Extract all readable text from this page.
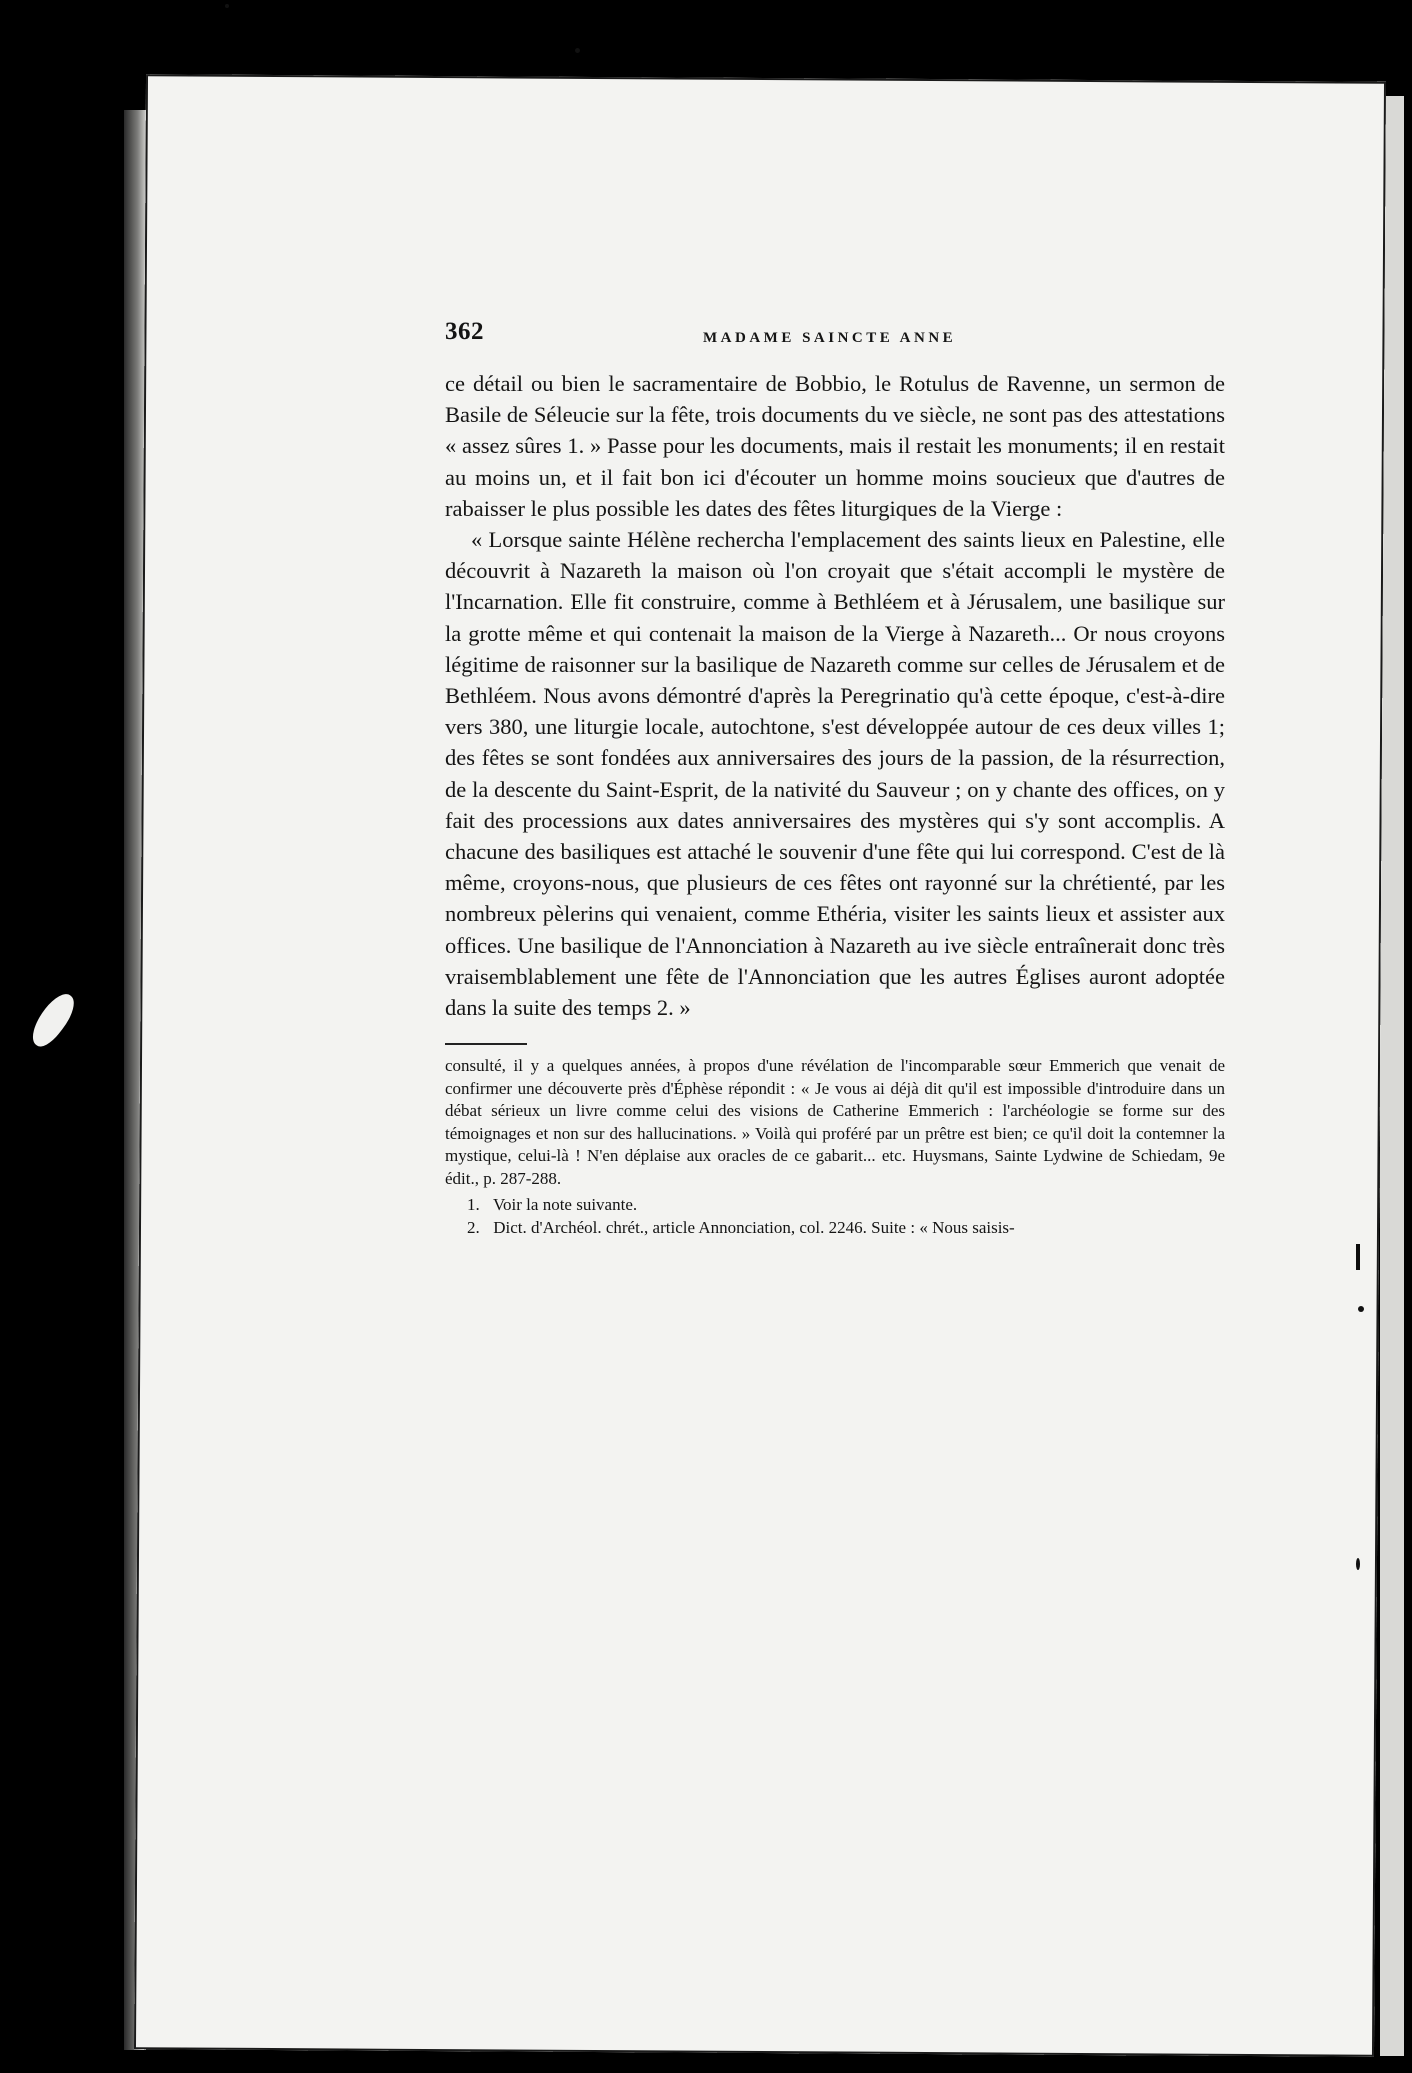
362	MADAME SAINCTE ANNE

ce détail ou bien le sacramentaire de Bobbio, le Rotulus de Ravenne, un sermon de Basile de Séleucie sur la fête, trois documents du ve siècle, ne sont pas des attestations « assez sûres 1. » Passe pour les documents, mais il restait les monuments; il en restait au moins un, et il fait bon ici d'écouter un homme moins soucieux que d'autres de rabaisser le plus possible les dates des fêtes liturgiques de la Vierge :

« Lorsque sainte Hélène rechercha l'emplacement des saints lieux en Palestine, elle découvrit à Nazareth la maison où l'on croyait que s'était accompli le mystère de l'Incarnation. Elle fit construire, comme à Bethléem et à Jérusalem, une basilique sur la grotte même et qui contenait la maison de la Vierge à Nazareth... Or nous croyons légitime de raisonner sur la basilique de Nazareth comme sur celles de Jérusalem et de Bethléem. Nous avons démontré d'après la Peregrinatio qu'à cette époque, c'est-à-dire vers 380, une liturgie locale, autochtone, s'est développée autour de ces deux villes 1; des fêtes se sont fondées aux anniversaires des jours de la passion, de la résurrection, de la descente du Saint-Esprit, de la nativité du Sauveur ; on y chante des offices, on y fait des processions aux dates anniversaires des mystères qui s'y sont accomplis. A chacune des basiliques est attaché le souvenir d'une fête qui lui correspond. C'est de là même, croyons-nous, que plusieurs de ces fêtes ont rayonné sur la chrétienté, par les nombreux pèlerins qui venaient, comme Ethéria, visiter les saints lieux et assister aux offices. Une basilique de l'Annonciation à Nazareth au ive siècle entraînerait donc très vraisemblablement une fête de l'Annonciation que les autres Églises auront adoptée dans la suite des temps 2. »

consulté, il y a quelques années, à propos d'une révélation de l'incomparable sœur Emmerich que venait de confirmer une découverte près d'Éphèse répondit : « Je vous ai déjà dit qu'il est impossible d'introduire dans un débat sérieux un livre comme celui des visions de Catherine Emmerich : l'archéologie se forme sur des témoignages et non sur des hallucinations. » Voilà qui proféré par un prêtre est bien; ce qu'il doit la contemner la mystique, celui-là ! N'en déplaise aux oracles de ce gabarit... etc. Huysmans, Sainte Lydwine de Schiedam, 9e édit., p. 287-288.

1. Voir la note suivante.

2. Dict. d'Archéol. chrét., article Annonciation, col. 2246. Suite : « Nous saisis-
